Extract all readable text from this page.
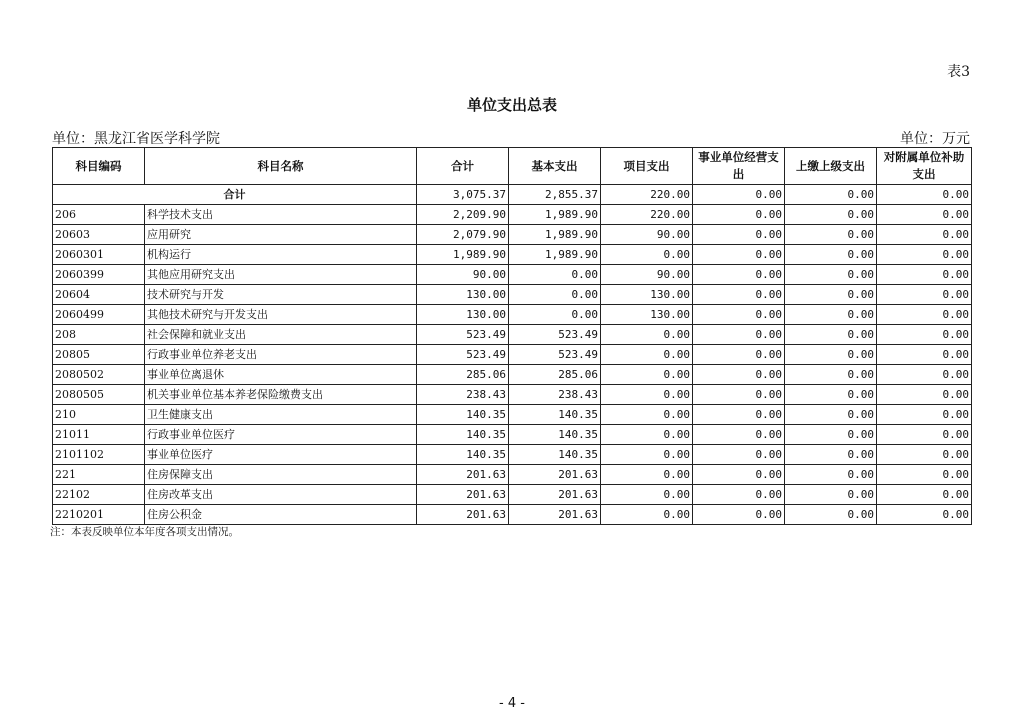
表3
单位支出总表
单位：黑龙江省医学科学院	单位：万元
科目编码	科目名称	合计	基本支出	项目支出	事业单位经营支出	上缴上级支出	对附属单位补助支出
合计		3,075.37	2,855.37	220.00	0.00	0.00	0.00
206	科学技术支出	2,209.90	1,989.90	220.00	0.00	0.00	0.00
20603	应用研究	2,079.90	1,989.90	90.00	0.00	0.00	0.00
2060301	机构运行	1,989.90	1,989.90	0.00	0.00	0.00	0.00
2060399	其他应用研究支出	90.00	0.00	90.00	0.00	0.00	0.00
20604	技术研究与开发	130.00	0.00	130.00	0.00	0.00	0.00
2060499	其他技术研究与开发支出	130.00	0.00	130.00	0.00	0.00	0.00
208	社会保障和就业支出	523.49	523.49	0.00	0.00	0.00	0.00
20805	行政事业单位养老支出	523.49	523.49	0.00	0.00	0.00	0.00
2080502	事业单位离退休	285.06	285.06	0.00	0.00	0.00	0.00
2080505	机关事业单位基本养老保险缴费支出	238.43	238.43	0.00	0.00	0.00	0.00
210	卫生健康支出	140.35	140.35	0.00	0.00	0.00	0.00
21011	行政事业单位医疗	140.35	140.35	0.00	0.00	0.00	0.00
2101102	事业单位医疗	140.35	140.35	0.00	0.00	0.00	0.00
221	住房保障支出	201.63	201.63	0.00	0.00	0.00	0.00
22102	住房改革支出	201.63	201.63	0.00	0.00	0.00	0.00
2210201	住房公积金	201.63	201.63	0.00	0.00	0.00	0.00
注：本表反映单位本年度各项支出情况。
- 4 -
